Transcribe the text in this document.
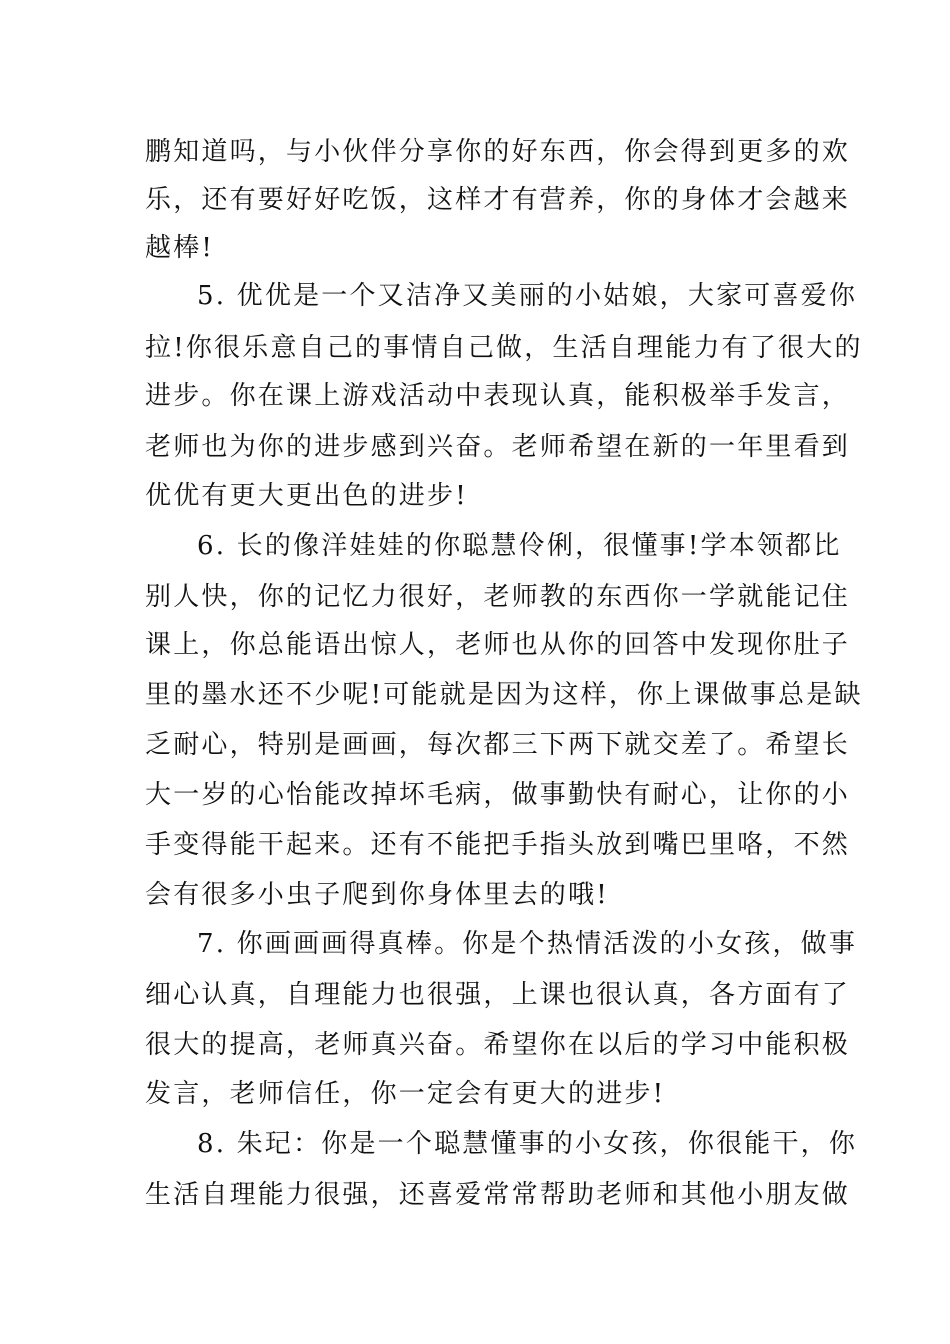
鹏知道吗，与小伙伴分享你的好东西，你会得到更多的欢
乐，还有要好好吃饭，这样才有营养，你的身体才会越来
越棒!
5. 优优是一个又洁净又美丽的小姑娘，大家可喜爱你
拉!你很乐意自己的事情自己做，生活自理能力有了很大的
进步。你在课上游戏活动中表现认真，能积极举手发言，
老师也为你的进步感到兴奋。老师希望在新的一年里看到
优优有更大更出色的进步!
6. 长的像洋娃娃的你聪慧伶俐，很懂事!学本领都比
别人快，你的记忆力很好，老师教的东西你一学就能记住
课上，你总能语出惊人，老师也从你的回答中发现你肚子
里的墨水还不少呢!可能就是因为这样，你上课做事总是缺
乏耐心，特别是画画，每次都三下两下就交差了。希望长
大一岁的心怡能改掉坏毛病，做事勤快有耐心，让你的小
手变得能干起来。还有不能把手指头放到嘴巴里咯，不然
会有很多小虫子爬到你身体里去的哦!
7. 你画画画得真棒。你是个热情活泼的小女孩，做事
细心认真，自理能力也很强，上课也很认真，各方面有了
很大的提高，老师真兴奋。希望你在以后的学习中能积极
发言，老师信任，你一定会有更大的进步!
8. 朱玘：你是一个聪慧懂事的小女孩，你很能干，你
生活自理能力很强，还喜爱常常帮助老师和其他小朋友做
